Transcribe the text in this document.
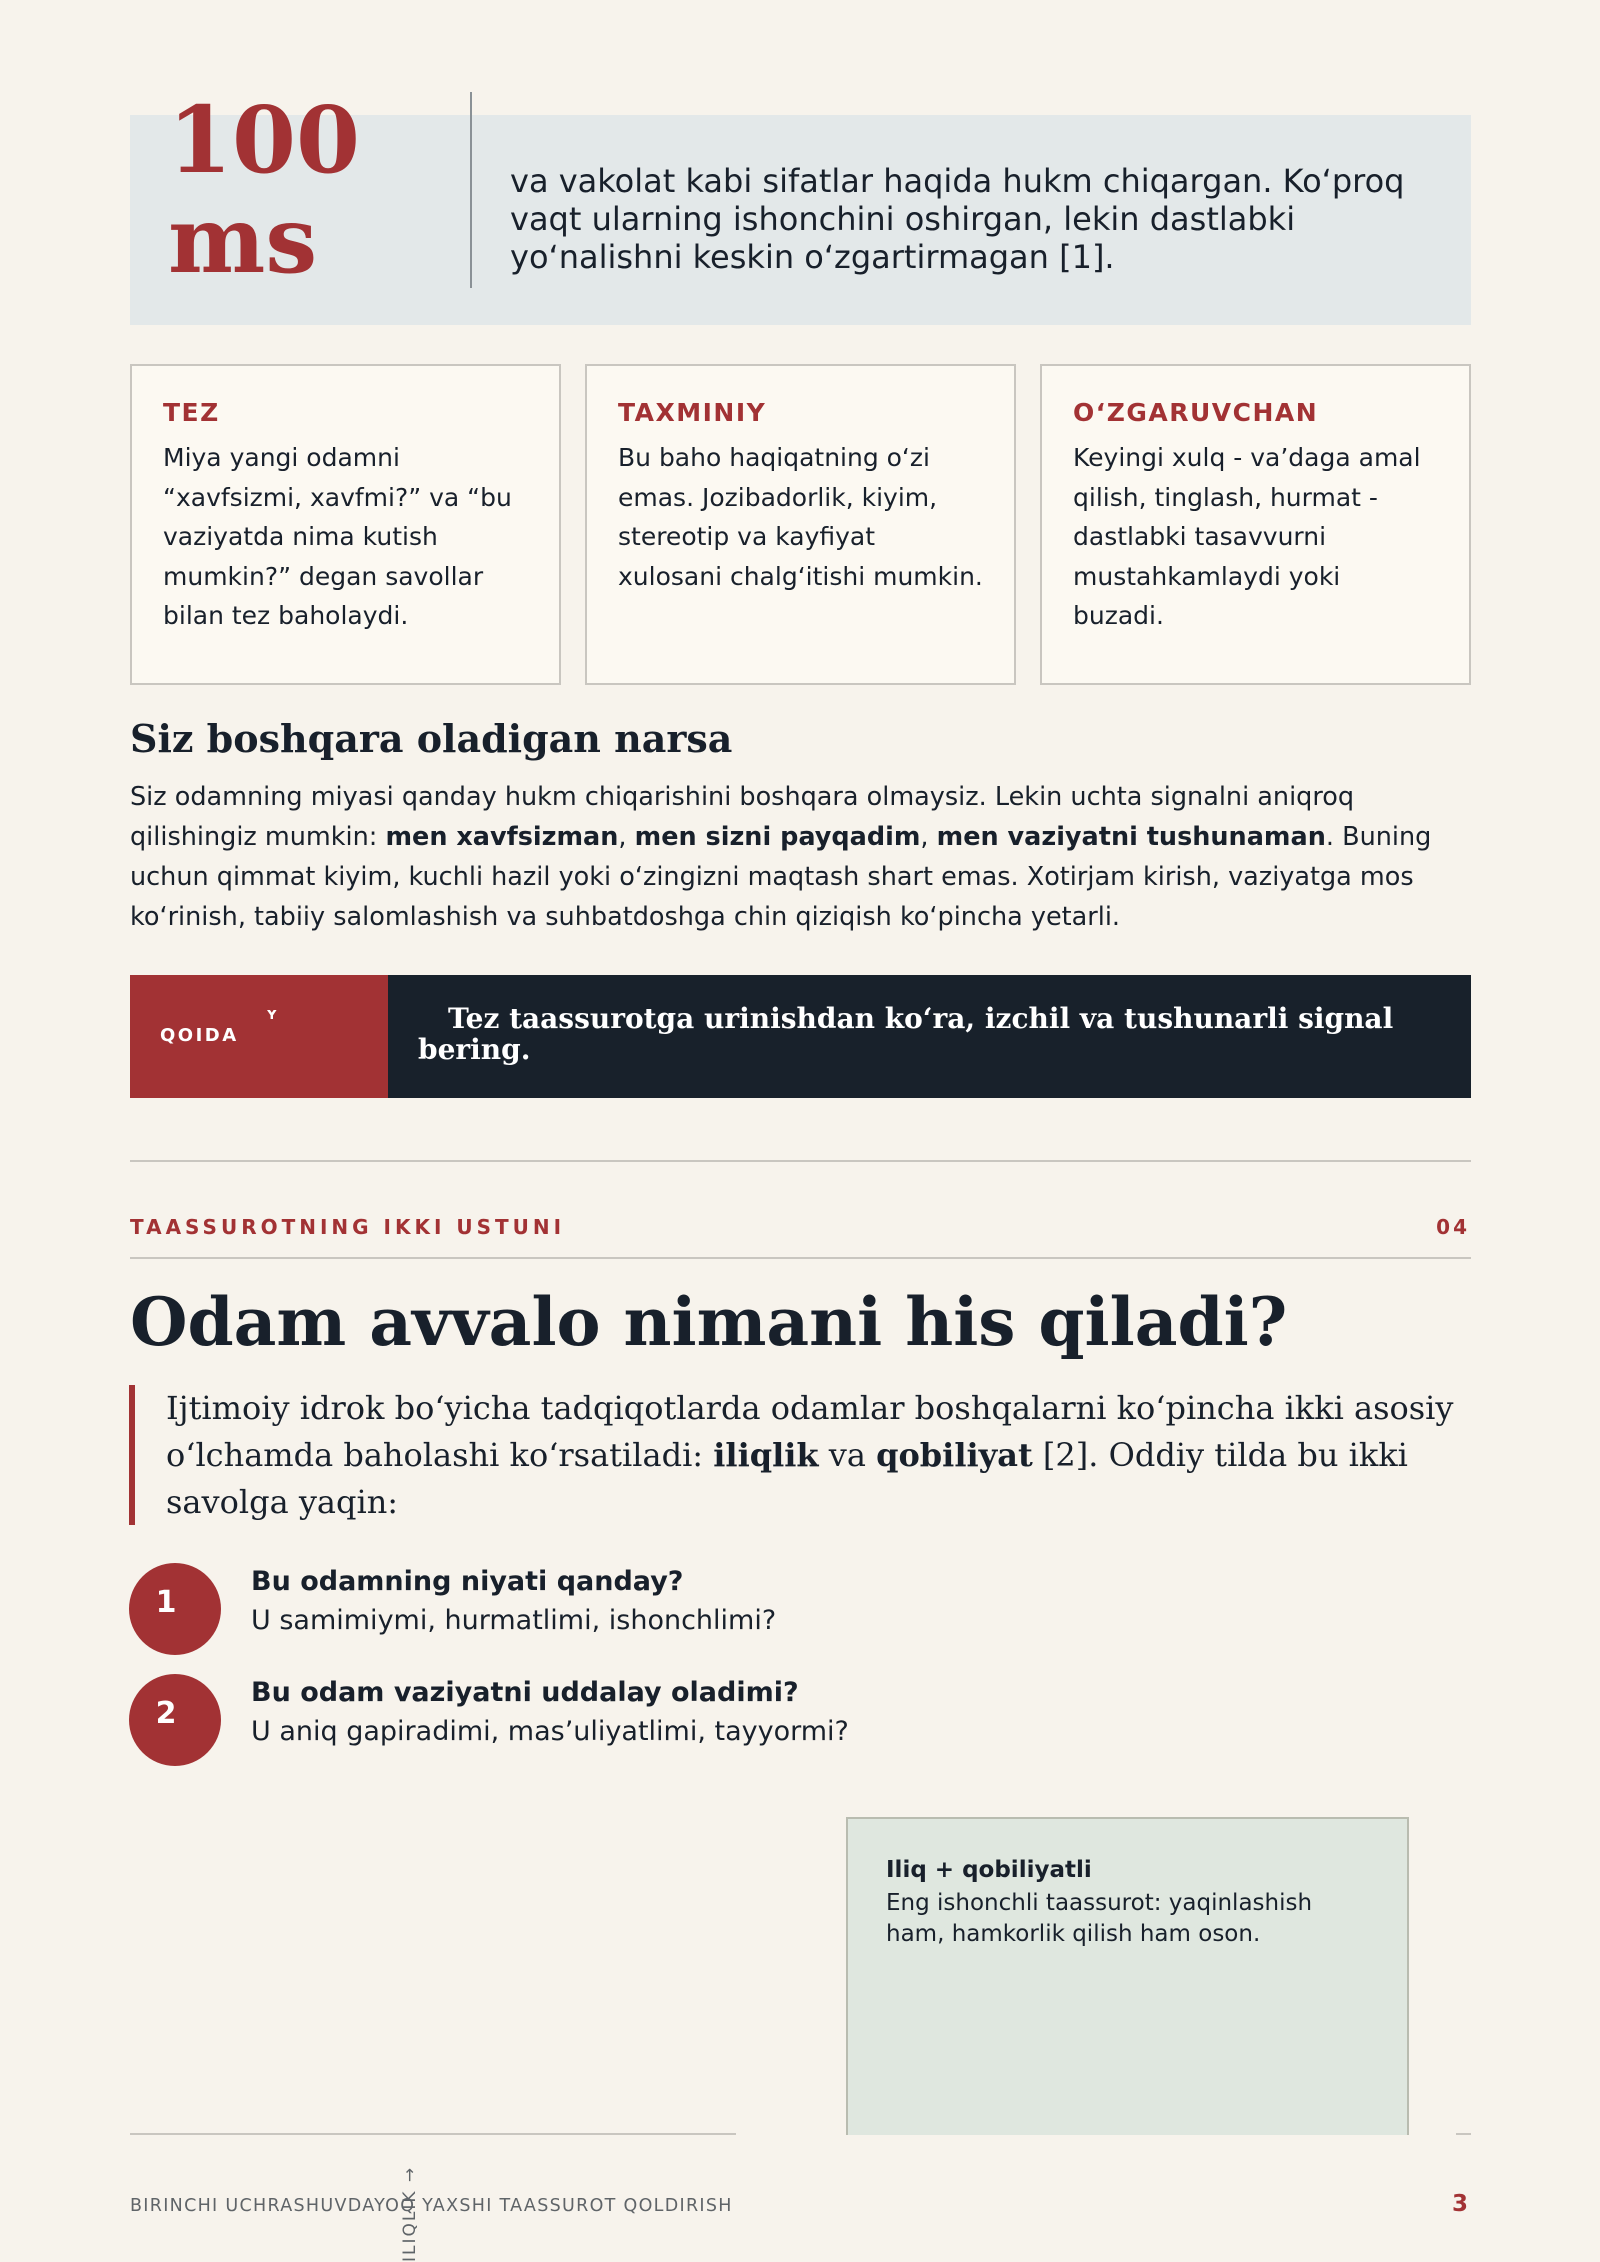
100
ms
va vakolat kabi sifatlar haqida hukm chiqargan. Ko‘proq vaqt ularning ishonchini oshirgan, lekin dastlabki yo‘nalishni keskin o‘zgartirmagan [1].
TEZ
Miya yangi odamni “xavfsizmi, xavfmi?” va “bu vaziyatda nima kutish mumkin?” degan savollar bilan tez baholaydi.
TAXMINIY
Bu baho haqiqatning o‘zi emas. Jozibadorlik, kiyim, stereotip va kayfiyat xulosani chalg‘itishi mumkin.
O‘ZGARUVCHAN
Keyingi xulq - va’daga amal qilish, tinglash, hurmat - dastlabki tasavvurni mustahkamlaydi yoki buzadi.
Siz boshqara oladigan narsa
Siz odamning miyasi qanday hukm chiqarishini boshqara olmaysiz. Lekin uchta signalni aniqroq qilishingiz mumkin: men xavfsizman, men sizni payqadim, men vaziyatni tushunaman. Buning uchun qimmat kiyim, kuchli hazil yoki o‘zingizni maqtash shart emas. Xotirjam kirish, vaziyatga mos ko‘rinish, tabiiy salomlashish va suhbatdoshga chin qiziqish ko‘pincha yetarli.
QOIDA
ʏ	Tez taassurotga urinishdan ko‘ra, izchil va tushunarli signal bering.
TAASSUROTNING IKKI USTUNI	04
Odam avvalo nimani his qiladi?
Ijtimoiy idrok bo‘yicha tadqiqotlarda odamlar boshqalarni ko‘pincha ikki asosiy o‘lchamda baholashi ko‘rsatiladi: iliqlik va qobiliyat [2]. Oddiy tilda bu ikki savolga yaqin:
1
Bu odamning niyati qanday?
U samimiymi, hurmatlimi, ishonchlimi?
2
Bu odam vaziyatni uddalay oladimi?
U aniq gapiradimi, mas’uliyatlimi, tayyormi?
Iliq + qobiliyatli
Eng ishonchli taassurot: yaqinlashish ham, hamkorlik qilish ham oson.
ILIQLIK →
BIRINCHI UCHRASHUVDAYOQ YAXSHI TAASSUROT QOLDIRISH	3
